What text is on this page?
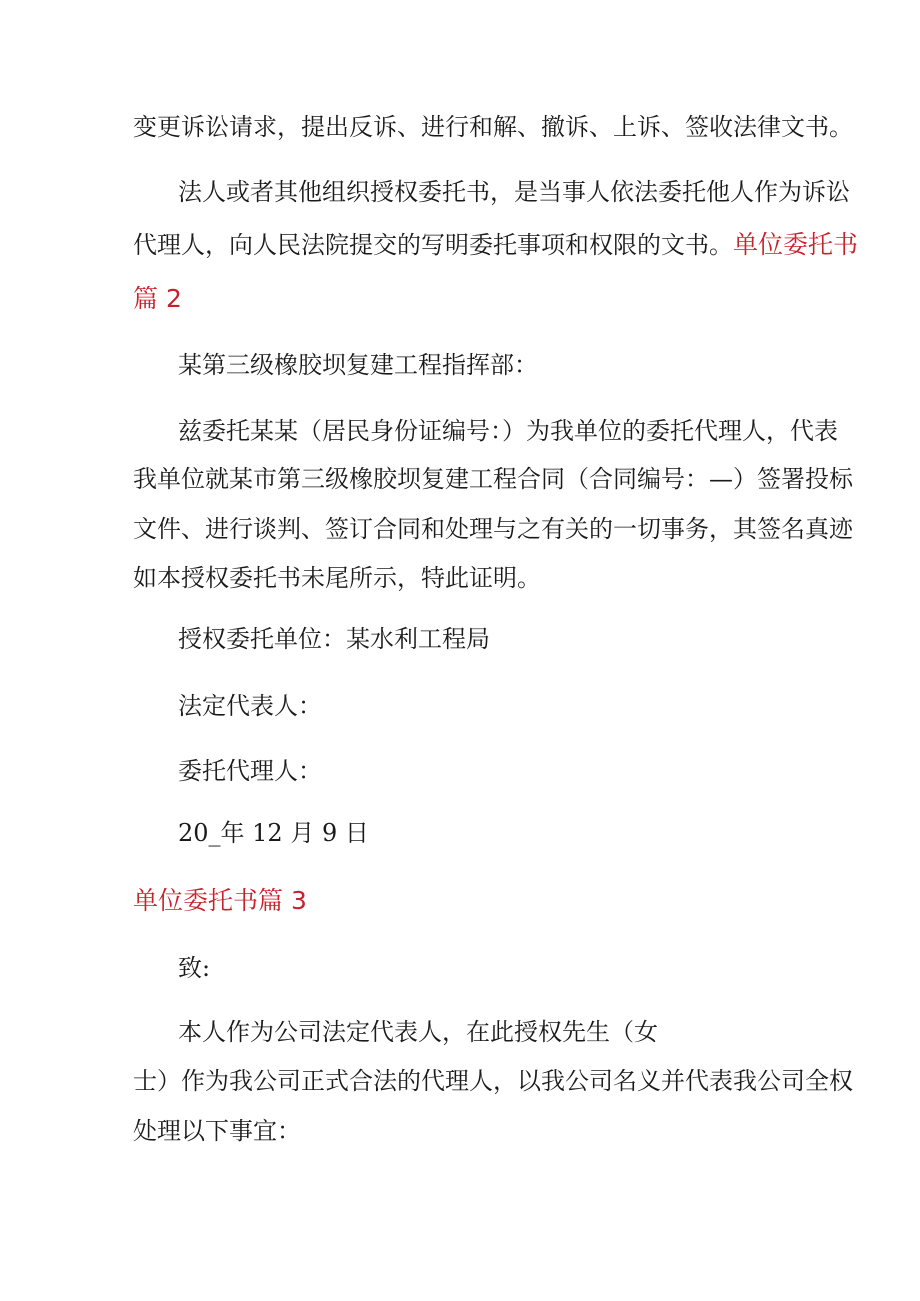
变更诉讼请求，提出反诉、进行和解、撤诉、上诉、签收法律文书。
法人或者其他组织授权委托书，是当事人依法委托他人作为诉讼
代理人，向人民法院提交的写明委托事项和权限的文书。单位委托书
篇 2
某第三级橡胶坝复建工程指挥部：
兹委托某某（居民身份证编号：）为我单位的委托代理人，代表
我单位就某市第三级橡胶坝复建工程合同（合同编号：—）签署投标
文件、进行谈判、签订合同和处理与之有关的一切事务，其签名真迹
如本授权委托书未尾所示，特此证明。
授权委托单位：某水利工程局
法定代表人：
委托代理人：
20_年 12 月 9 日
单位委托书篇 3
致:
本人作为公司法定代表人，在此授权先生（女
士）作为我公司正式合法的代理人，以我公司名义并代表我公司全权
处理以下事宜：
